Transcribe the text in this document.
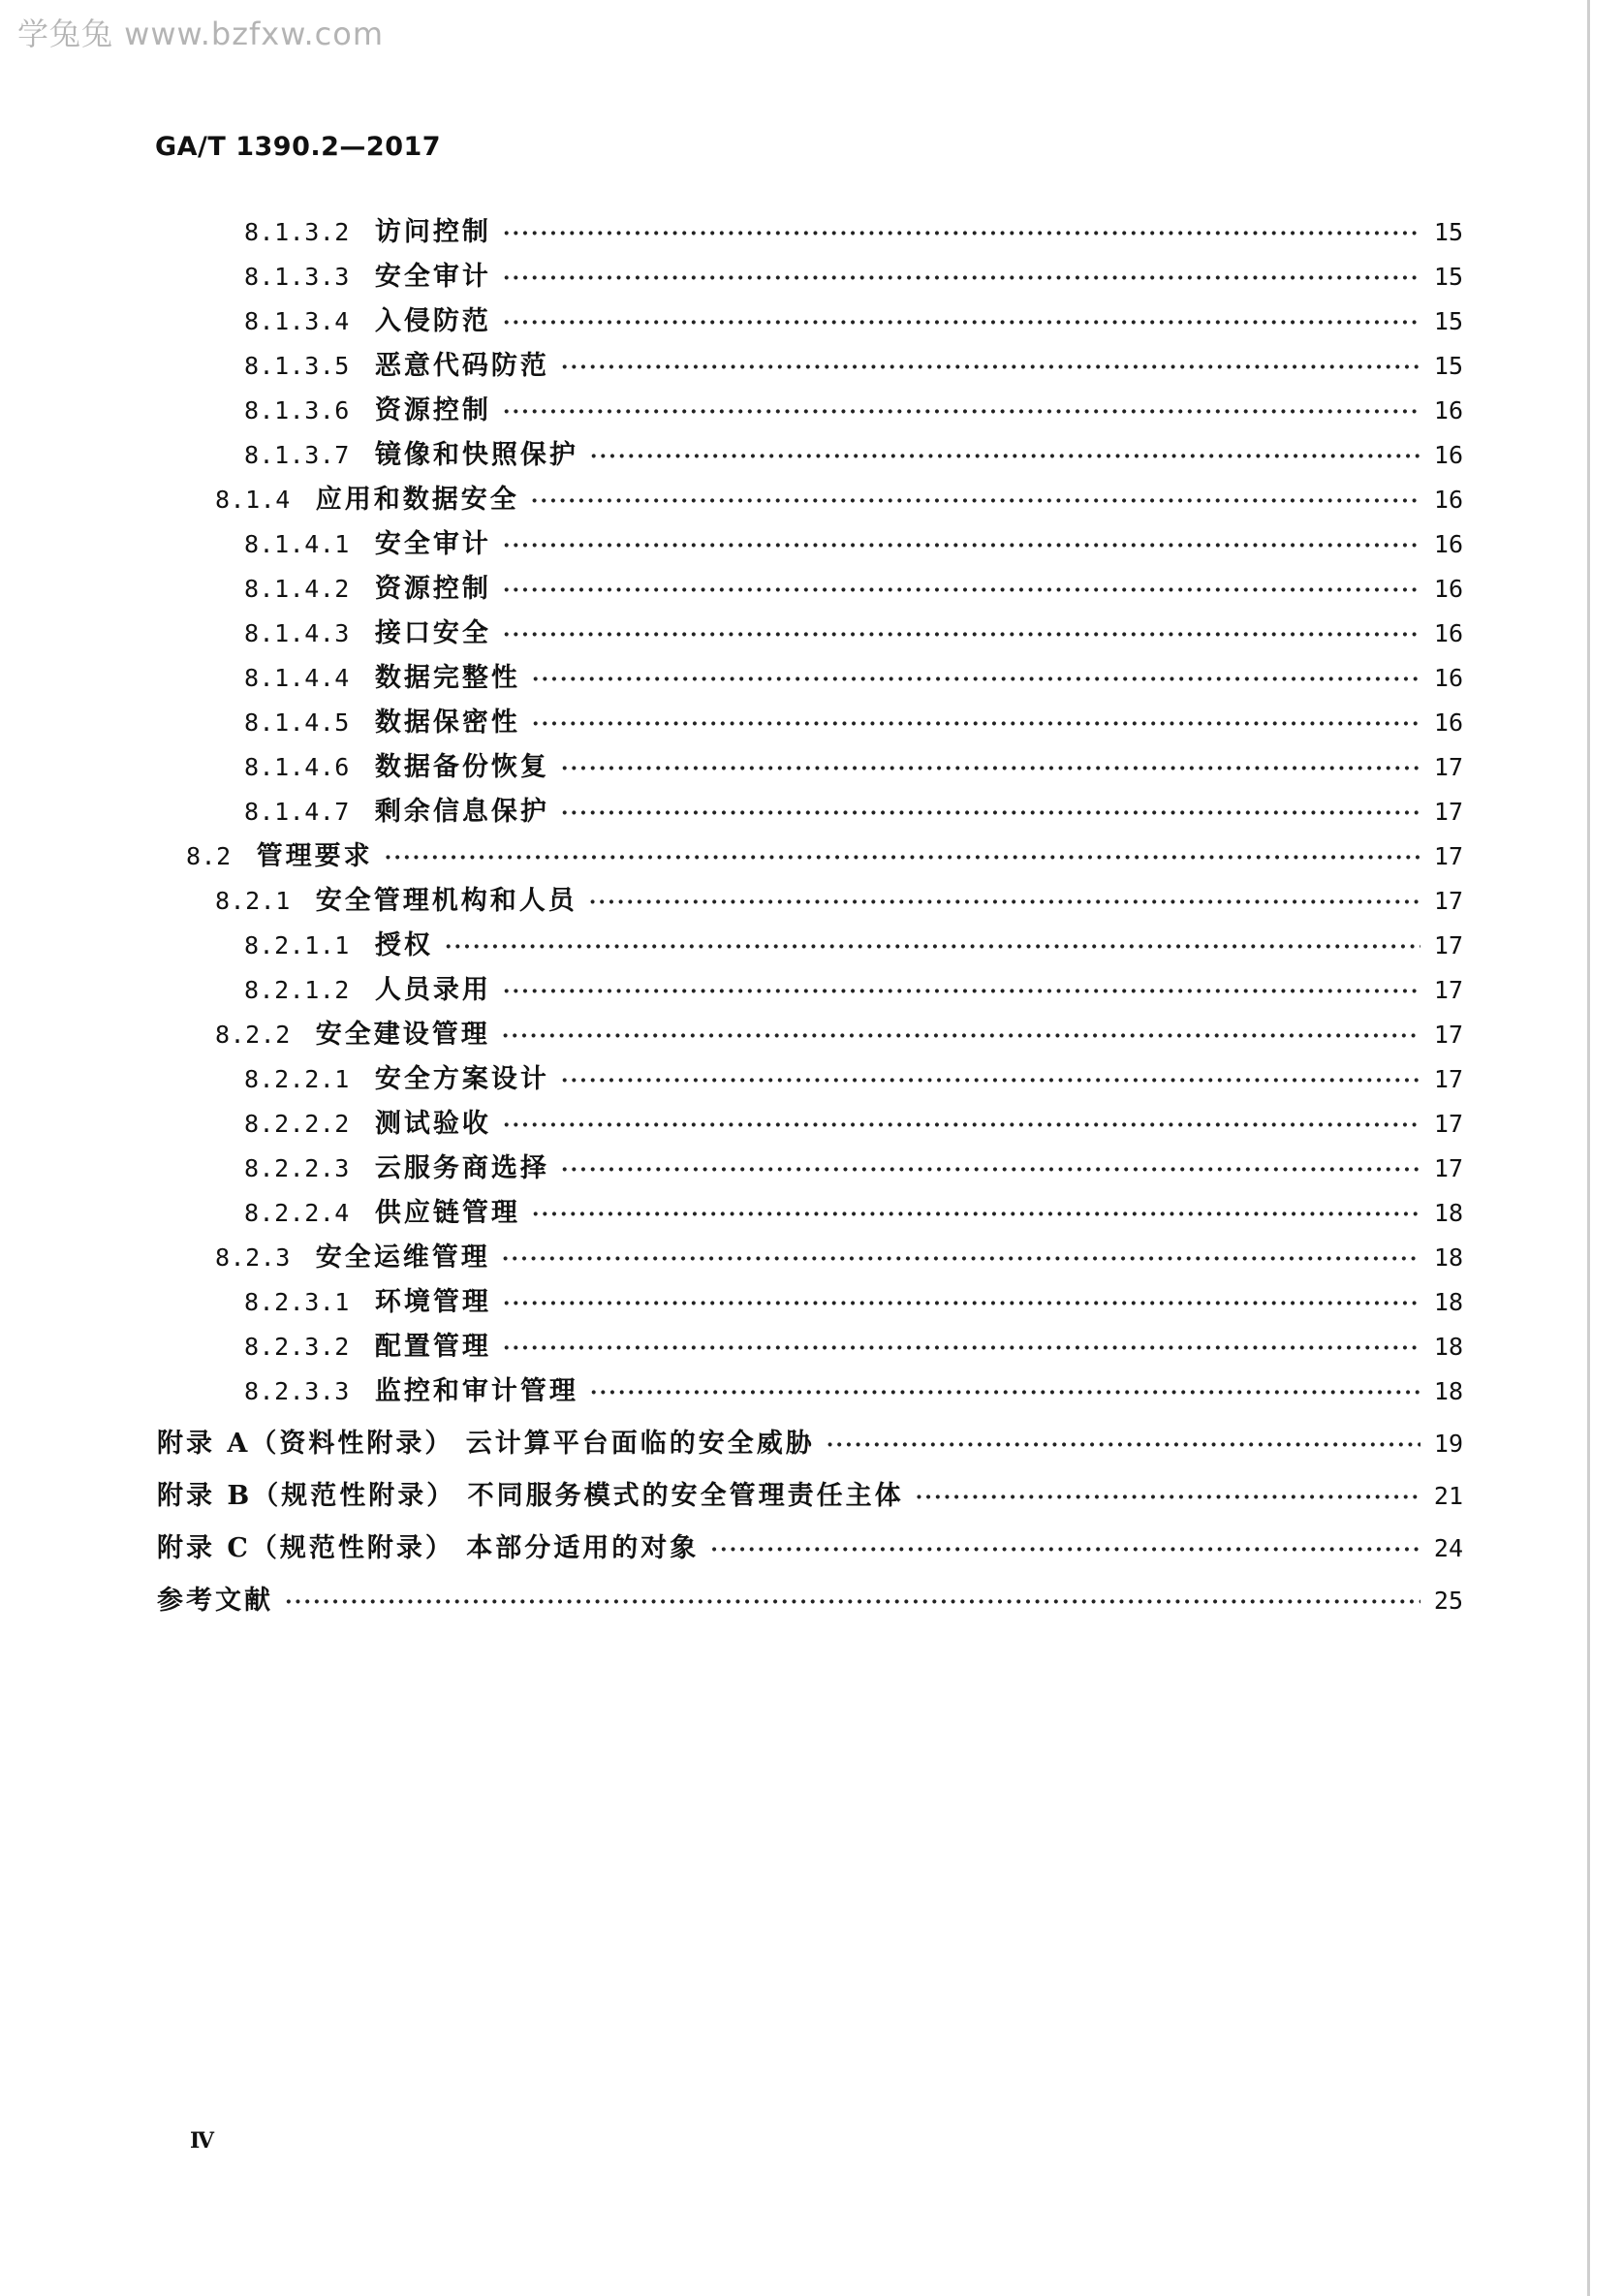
学兔兔 www.bzfxw.com
GA/T 1390.2—2017
8.1.3.2 访问控制 ·····	15
8.1.3.3 安全审计 ·····	15
8.1.3.4 入侵防范 ·····	15
8.1.3.5 恶意代码防范 ·····	15
8.1.3.6 资源控制 ·····	16
8.1.3.7 镜像和快照保护 ·····	16
8.1.4 应用和数据安全 ·····	16
8.1.4.1 安全审计 ·····	16
8.1.4.2 资源控制 ·····	16
8.1.4.3 接口安全 ·····	16
8.1.4.4 数据完整性 ·····	16
8.1.4.5 数据保密性 ·····	16
8.1.4.6 数据备份恢复 ·····	17
8.1.4.7 剩余信息保护 ·····	17
8.2 管理要求 ·····	17
8.2.1 安全管理机构和人员 ·····	17
8.2.1.1 授权 ·····	17
8.2.1.2 人员录用 ·····	17
8.2.2 安全建设管理 ·····	17
8.2.2.1 安全方案设计 ·····	17
8.2.2.2 测试验收 ·····	17
8.2.2.3 云服务商选择 ·····	17
8.2.2.4 供应链管理 ·····	18
8.2.3 安全运维管理 ·····	18
8.2.3.1 环境管理 ·····	18
8.2.3.2 配置管理 ·····	18
8.2.3.3 监控和审计管理 ·····	18
附录 A（资料性附录） 云计算平台面临的安全威胁 ·····	19
附录 B（规范性附录） 不同服务模式的安全管理责任主体 ·····	21
附录 C（规范性附录） 本部分适用的对象 ·····	24
参考文献 ·····	25
Ⅳ
